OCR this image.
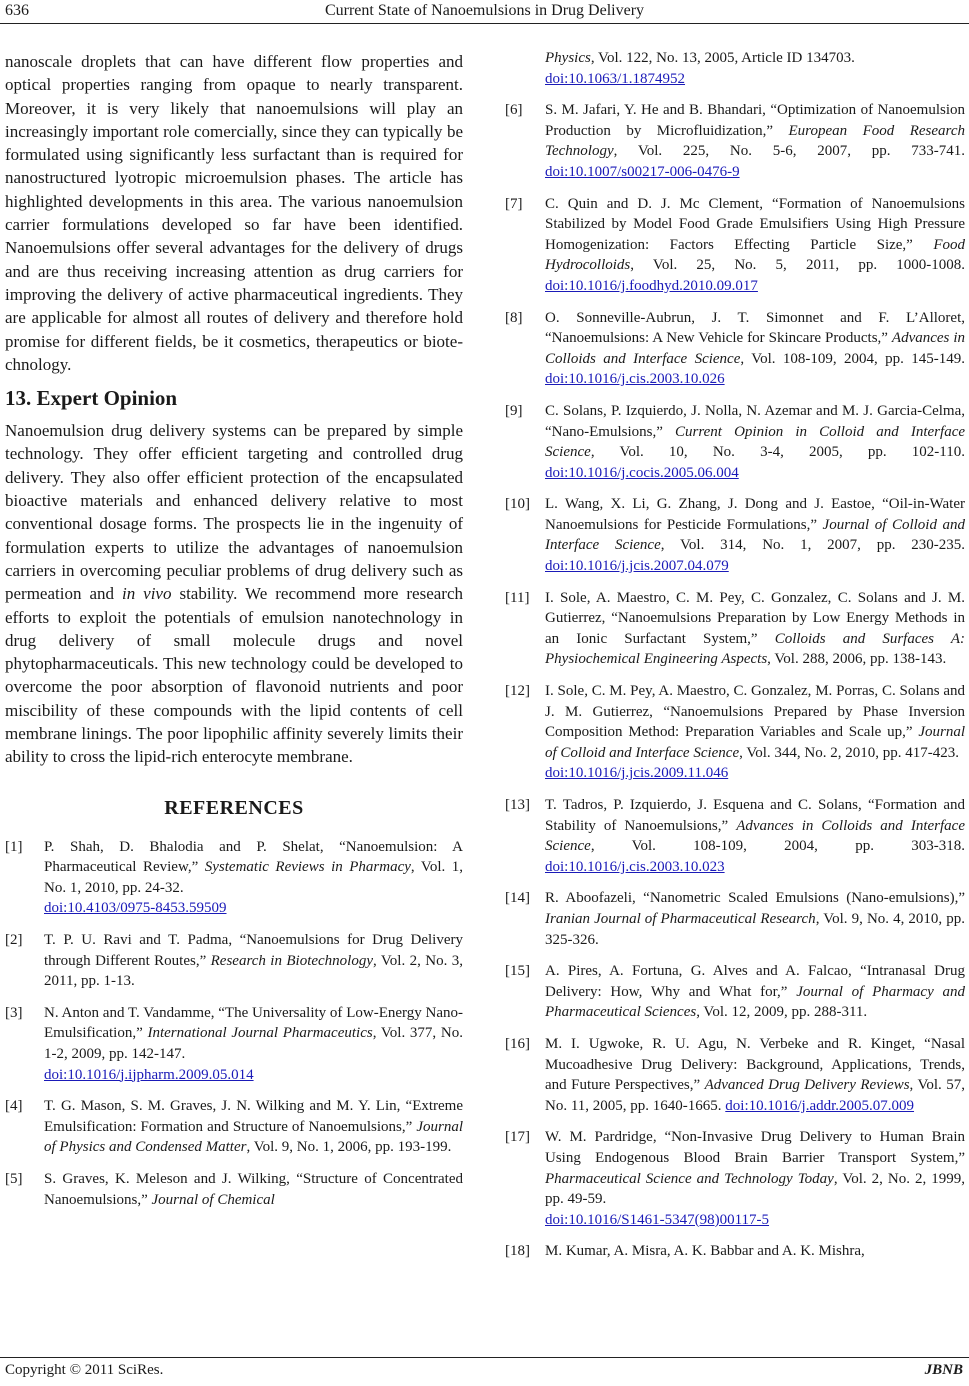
636	Current State of Nanoemulsions in Drug Delivery

nanoscale droplets that can have different flow properties and optical properties ranging from opaque to nearly transparent. Moreover, it is very likely that nanoemulsions will play an increasingly important role comercially, since they can typically be formulated using significantly less surfactant than is required for nanostructured lyotropic microemulsion phases. The article has highlighted developments in this area. The various nanoemulsion carrier formulations developed so far have been identified. Nanoemulsions offer several advantages for the delivery of drugs and are thus receiving increasing attention as drug carriers for improving the delivery of active pharmaceutical ingredients. They are applicable for almost all routes of delivery and therefore hold promise for different fields, be it cosmetics, therapeutics or biotechnology.

13. Expert Opinion

Nanoemulsion drug delivery systems can be prepared by simple technology. They offer efficient targeting and controlled drug delivery. They also offer efficient protection of the encapsulated bioactive materials and enhanced delivery relative to most conventional dosage forms. The prospects lie in the ingenuity of formulation experts to utilize the advantages of nanoemulsion carriers in overcoming peculiar problems of drug delivery such as permeation and in vivo stability. We recommend more research efforts to exploit the potentials of emulsion nanotechnology in drug delivery of small molecule drugs and novel phytopharmaceuticals. This new technology could be developed to overcome the poor absorption of flavonoid nutrients and poor miscibility of these compounds with the lipid contents of cell membrane linings. The poor lipophilic affinity severely limits their ability to cross the lipid-rich enterocyte membrane.

REFERENCES
[1] P. Shah, D. Bhalodia and P. Shelat, “Nanoemulsion: A Pharmaceutical Review,” Systematic Reviews in Pharmacy, Vol. 1, No. 1, 2010, pp. 24-32.
doi:10.4103/0975-8453.59509
[2] T. P. U. Ravi and T. Padma, “Nanoemulsions for Drug Delivery through Different Routes,” Research in Biotechnology, Vol. 2, No. 3, 2011, pp. 1-13.
[3] N. Anton and T. Vandamme, “The Universality of Low-Energy Nano-Emulsification,” International Journal Pharmaceutics, Vol. 377, No. 1-2, 2009, pp. 142-147.
doi:10.1016/j.ijpharm.2009.05.014
[4] T. G. Mason, S. M. Graves, J. N. Wilking and M. Y. Lin, “Extreme Emulsification: Formation and Structure of Nanoemulsions,” Journal of Physics and Condensed Matter, Vol. 9, No. 1, 2006, pp. 193-199.
[5] S. Graves, K. Meleson and J. Wilking, “Structure of Concentrated Nanoemulsions,” Journal of Chemical
Physics, Vol. 122, No. 13, 2005, Article ID 134703.
doi:10.1063/1.1874952
[6] S. M. Jafari, Y. He and B. Bhandari, “Optimization of Nanoemulsion Production by Microfluidization,” European Food Research Technology, Vol. 225, No. 5-6, 2007, pp. 733-741. doi:10.1007/s00217-006-0476-9
[7] C. Quin and D. J. Mc Clement, “Formation of Nanoemulsions Stabilized by Model Food Grade Emulsifiers Using High Pressure Homogenization: Factors Effecting Particle Size,” Food Hydrocolloids, Vol. 25, No. 5, 2011, pp. 1000-1008. doi:10.1016/j.foodhyd.2010.09.017
[8] O. Sonneville-Aubrun, J. T. Simonnet and F. L’Alloret, “Nanoemulsions: A New Vehicle for Skincare Products,” Advances in Colloids and Interface Science, Vol. 108-109, 2004, pp. 145-149. doi:10.1016/j.cis.2003.10.026
[9] C. Solans, P. Izquierdo, J. Nolla, N. Azemar and M. J. Garcia-Celma, “Nano-Emulsions,” Current Opinion in Colloid and Interface Science, Vol. 10, No. 3-4, 2005, pp. 102-110. doi:10.1016/j.cocis.2005.06.004
[10] L. Wang, X. Li, G. Zhang, J. Dong and J. Eastoe, “Oil-in-Water Nanoemulsions for Pesticide Formulations,” Journal of Colloid and Interface Science, Vol. 314, No. 1, 2007, pp. 230-235. doi:10.1016/j.jcis.2007.04.079
[11] I. Sole, A. Maestro, C. M. Pey, C. Gonzalez, C. Solans and J. M. Gutierrez, “Nanoemulsions Preparation by Low Energy Methods in an Ionic Surfactant System,” Colloids and Surfaces A: Physiochemical Engineering Aspects, Vol. 288, 2006, pp. 138-143.
[12] I. Sole, C. M. Pey, A. Maestro, C. Gonzalez, M. Porras, C. Solans and J. M. Gutierrez, “Nanoemulsions Prepared by Phase Inversion Composition Method: Preparation Variables and Scale up,” Journal of Colloid and Interface Science, Vol. 344, No. 2, 2010, pp. 417-423.
doi:10.1016/j.jcis.2009.11.046
[13] T. Tadros, P. Izquierdo, J. Esquena and C. Solans, “Formation and Stability of Nanoemulsions,” Advances in Colloids and Interface Science, Vol. 108-109, 2004, pp. 303-318. doi:10.1016/j.cis.2003.10.023
[14] R. Aboofazeli, “Nanometric Scaled Emulsions (Nano-emulsions),” Iranian Journal of Pharmaceutical Research, Vol. 9, No. 4, 2010, pp. 325-326.
[15] A. Pires, A. Fortuna, G. Alves and A. Falcao, “Intranasal Drug Delivery: How, Why and What for,” Journal of Pharmacy and Pharmaceutical Sciences, Vol. 12, 2009, pp. 288-311.
[16] M. I. Ugwoke, R. U. Agu, N. Verbeke and R. Kinget, “Nasal Mucoadhesive Drug Delivery: Background, Applications, Trends, and Future Perspectives,” Advanced Drug Delivery Reviews, Vol. 57, No. 11, 2005, pp. 1640-1665. doi:10.1016/j.addr.2005.07.009
[17] W. M. Pardridge, “Non-Invasive Drug Delivery to Human Brain Using Endogenous Blood Brain Barrier Transport System,” Pharmaceutical Science and Technology Today, Vol. 2, No. 2, 1999, pp. 49-59.
doi:10.1016/S1461-5347(98)00117-5
[18] M. Kumar, A. Misra, A. K. Babbar and A. K. Mishra,
Copyright © 2011 SciRes.	JBNB
